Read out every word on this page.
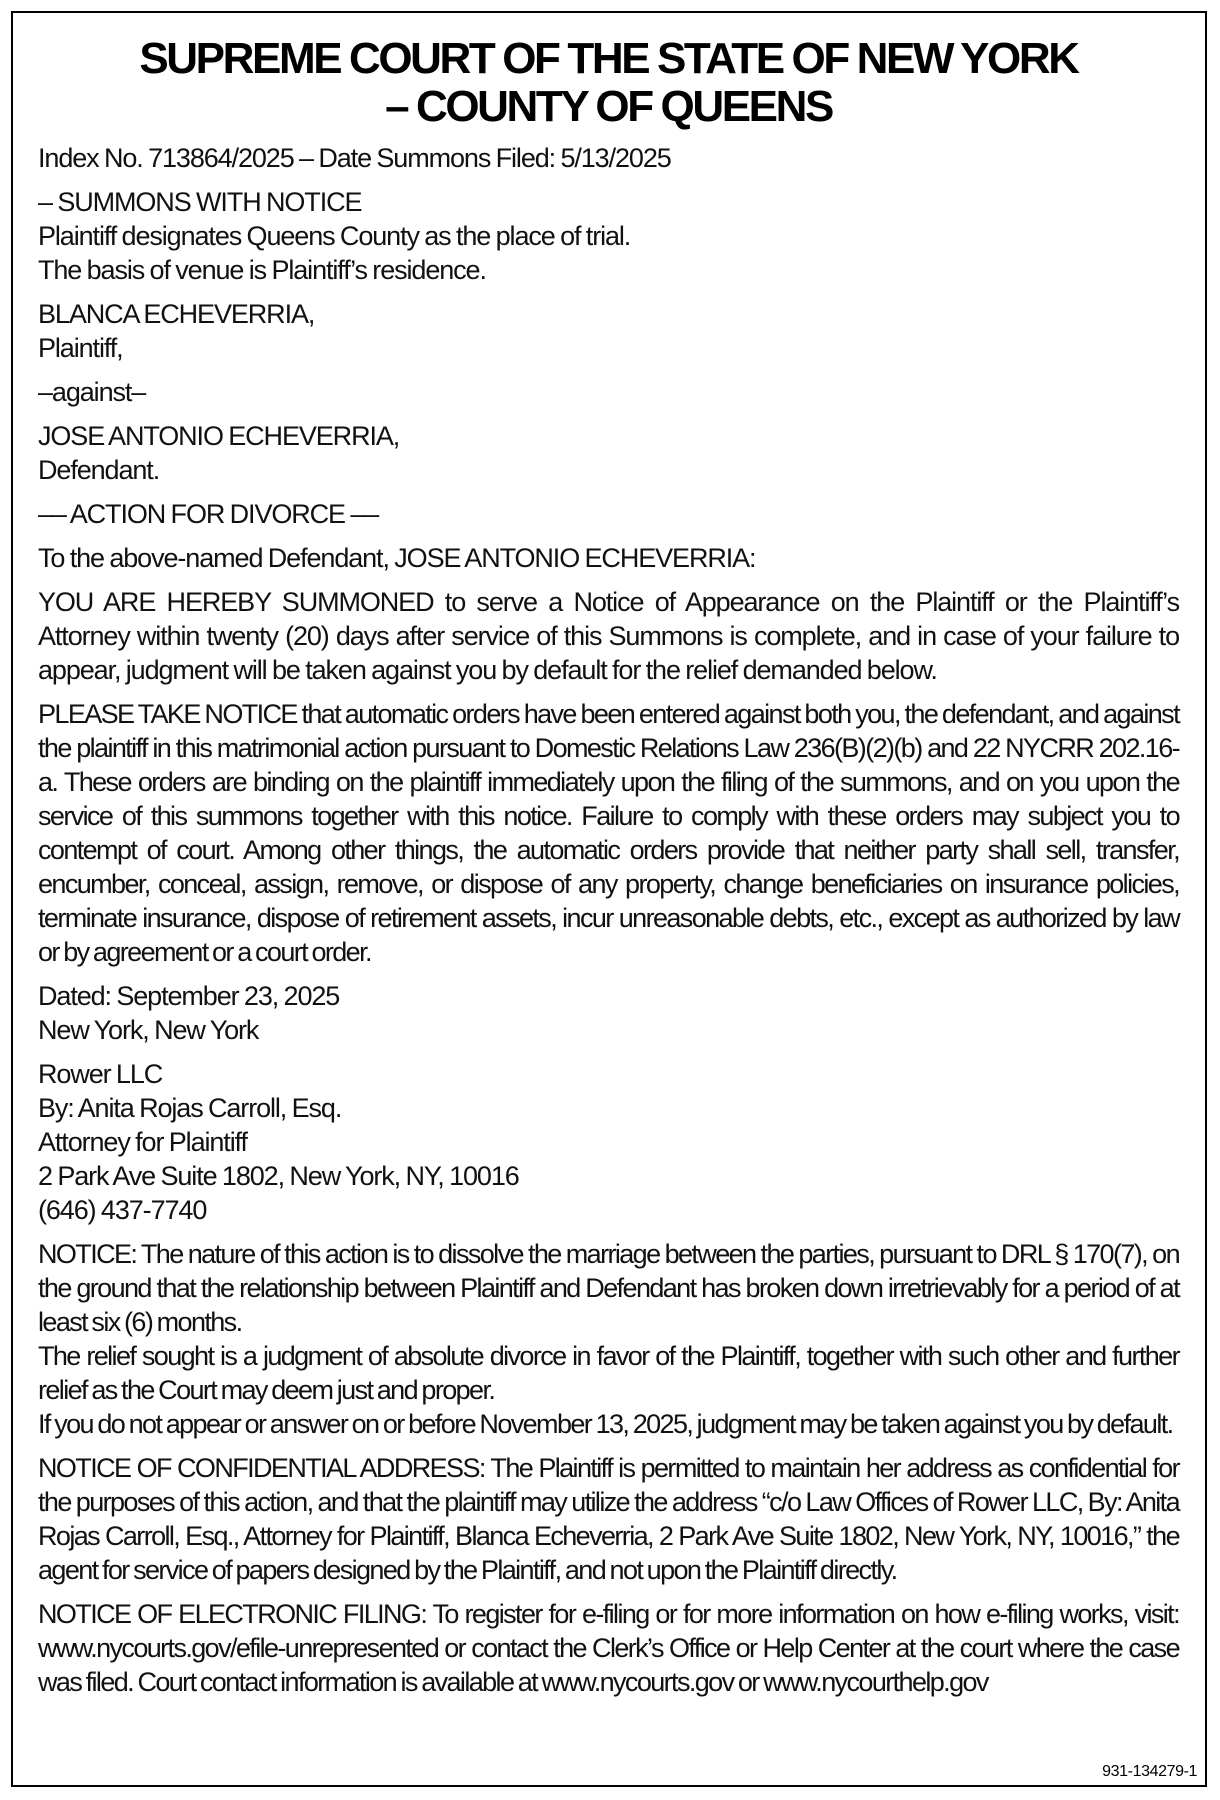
SUPREME COURT OF THE STATE OF NEW YORK
– COUNTY OF QUEENS

Index No. 713864/2025 – Date Summons Filed: 5/13/2025

– SUMMONS WITH NOTICE
Plaintiff designates Queens County as the place of trial.
The basis of venue is Plaintiff’s residence.

BLANCA ECHEVERRIA,
Plaintiff,

–against–

JOSE ANTONIO ECHEVERRIA,
Defendant.

–– ACTION FOR DIVORCE ––

To the above-named Defendant, JOSE ANTONIO ECHEVERRIA:

YOU ARE HEREBY SUMMONED to serve a Notice of Appearance on the Plaintiff or the Plaintiff’s Attorney within twenty (20) days after service of this Summons is complete, and in case of your failure to appear, judgment will be taken against you by default for the relief demanded below.

PLEASE TAKE NOTICE that automatic orders have been entered against both you, the defendant, and against the plaintiff in this matrimonial action pursuant to Domestic Relations Law 236(B)(2)(b) and 22 NYCRR 202.16-a. These orders are binding on the plaintiff immediately upon the filing of the summons, and on you upon the service of this summons together with this notice. Failure to comply with these orders may subject you to contempt of court. Among other things, the automatic orders provide that neither party shall sell, transfer, encumber, conceal, assign, remove, or dispose of any property, change beneficiaries on insurance policies, terminate insurance, dispose of retirement assets, incur unreasonable debts, etc., except as authorized by law or by agreement or a court order.

Dated: September 23, 2025
New York, New York

Rower LLC
By: Anita Rojas Carroll, Esq.
Attorney for Plaintiff
2 Park Ave Suite 1802, New York, NY, 10016
(646) 437-7740

NOTICE: The nature of this action is to dissolve the marriage between the parties, pursuant to DRL § 170(7), on the ground that the relationship between Plaintiff and Defendant has broken down irretrievably for a period of at least six (6) months.
The relief sought is a judgment of absolute divorce in favor of the Plaintiff, together with such other and further relief as the Court may deem just and proper.
If you do not appear or answer on or before November 13, 2025, judgment may be taken against you by default.

NOTICE OF CONFIDENTIAL ADDRESS: The Plaintiff is permitted to maintain her address as confidential for the purposes of this action, and that the plaintiff may utilize the address “c/o Law Offices of Rower LLC, By: Anita Rojas Carroll, Esq., Attorney for Plaintiff, Blanca Echeverria, 2 Park Ave Suite 1802, New York, NY, 10016,” the agent for service of papers designed by the Plaintiff, and not upon the Plaintiff directly.

NOTICE OF ELECTRONIC FILING: To register for e-filing or for more information on how e-filing works, visit: www.nycourts.gov/efile-unrepresented or contact the Clerk’s Office or Help Center at the court where the case was filed. Court contact information is available at www.nycourts.gov or www.nycourthelp.gov

931-134279-1
